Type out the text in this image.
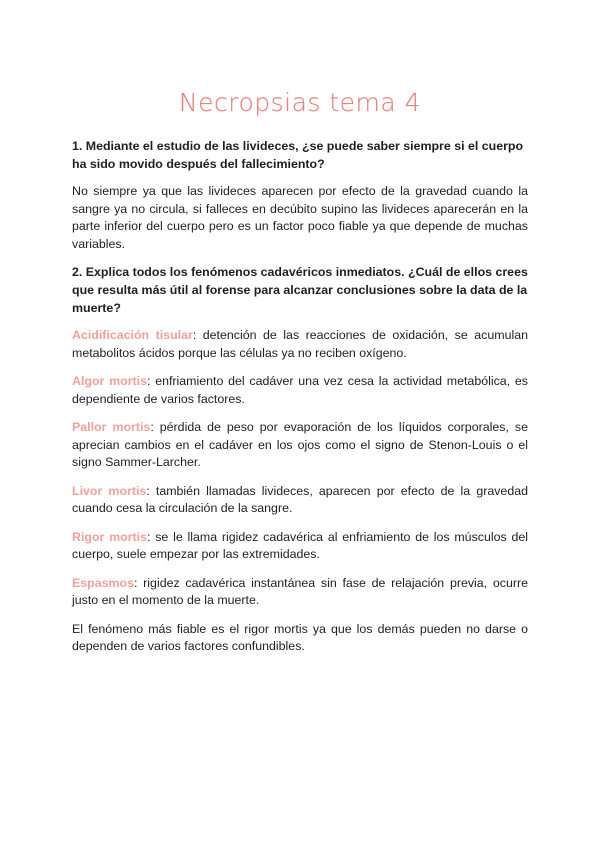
Necropsias tema 4

1. Mediante el estudio de las livideces, ¿se puede saber siempre si el cuerpo ha sido movido después del fallecimiento?

No siempre ya que las livideces aparecen por efecto de la gravedad cuando la sangre ya no circula, si falleces en decúbito supino las livideces aparecerán en la parte inferior del cuerpo pero es un factor poco fiable ya que depende de muchas variables.

2. Explica todos los fenómenos cadavéricos inmediatos. ¿Cuál de ellos crees que resulta más útil al forense para alcanzar conclusiones sobre la data de la muerte?

Acidificación tisular: detención de las reacciones de oxidación, se acumulan metabolitos ácidos porque las células ya no reciben oxígeno.

Algor mortis: enfriamiento del cadáver una vez cesa la actividad metabólica, es dependiente de varios factores.

Pallor mortis: pérdida de peso por evaporación de los líquidos corporales, se aprecian cambios en el cadáver en los ojos como el signo de Stenon-Louis o el signo Sammer-Larcher.

Livor mortis: también llamadas livideces, aparecen por efecto de la gravedad cuando cesa la circulación de la sangre.

Rigor mortis: se le llama rigidez cadavérica al enfriamiento de los músculos del cuerpo, suele empezar por las extremidades.

Espasmos: rigidez cadavérica instantánea sin fase de relajación previa, ocurre justo en el momento de la muerte.

El fenómeno más fiable es el rigor mortis ya que los demás pueden no darse o dependen de varios factores confundibles.
